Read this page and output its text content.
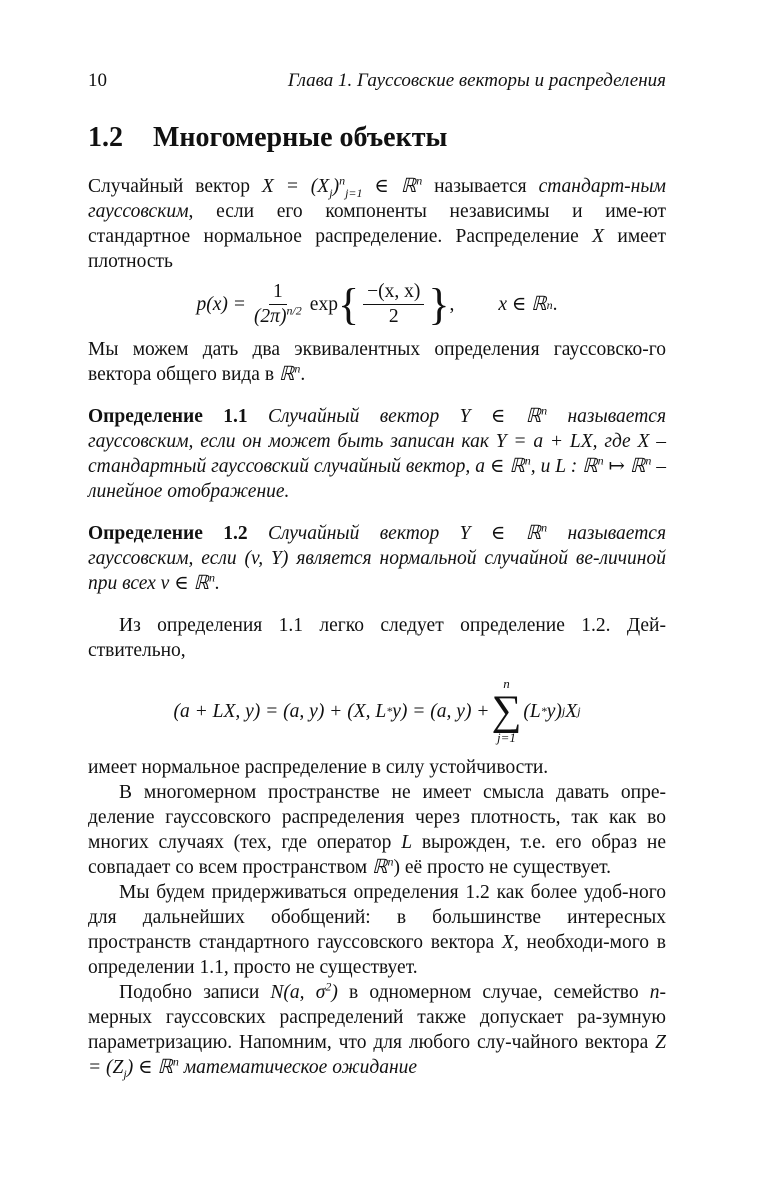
10	Глава 1. Гауссовские векторы и распределения
1.2 Многомерные объекты

Случайный вектор $X = (X_j)^n_{j=1}$ ∈ ℝ$^n$ называется стандарт-ным гауссовским, если его компоненты независимы и име-ют стандартное нормальное распределение. Распределение X имеет плотность

$p(x) = \frac{1}{(2\pi)^{n/2}}$ exp { $\frac{-(x, x)}{2}$ } , x ∈ ℝ n .

Мы можем дать два эквивалентных определения гауссовско-го вектора общего вида в ℝ$^n$.

Определение 1.1 Случайный вектор Y ∈ ℝ$^n$ называется гауссовским, если он может быть записан как Y = a + LX, где X – стандартный гауссовский случайный вектор, a ∈ ℝ$^n$, и L : ℝ$^n$ ↦ ℝ$^n$ – линейное отображение.

Определение 1.2 Случайный вектор Y ∈ ℝ$^n$ называется гауссовским, если (v, Y) является нормальной случайной ве-личиной при всех v ∈ ℝ$^n$.

Из определения 1.1 легко следует определение 1.2. Дей-ствительно,

(a + LX, y) = (a, y) + (X, L * y) = (a, y) +
n
∑
j=1
(L * y) j X j

имеет нормальное распределение в силу устойчивости.

В многомерном пространстве не имеет смысла давать опре-деление гауссовского распределения через плотность, так как во многих случаях (тех, где оператор L вырожден, т.е. его образ не совпадает со всем пространством ℝ$^n$) её просто не существует.

Мы будем придерживаться определения 1.2 как более удоб-ного для дальнейших обобщений: в большинстве интересных пространств стандартного гауссовского вектора X, необходи-мого в определении 1.1, просто не существует.

Подобно записи N(a, $\sigma^2$) в одномерном случае, семейство n-мерных гауссовских распределений также допускает ра-зумную параметризацию. Напомним, что для любого слу-чайного вектора $Z = (Z_j)$ ∈ ℝ$^n$ математическое ожидание
